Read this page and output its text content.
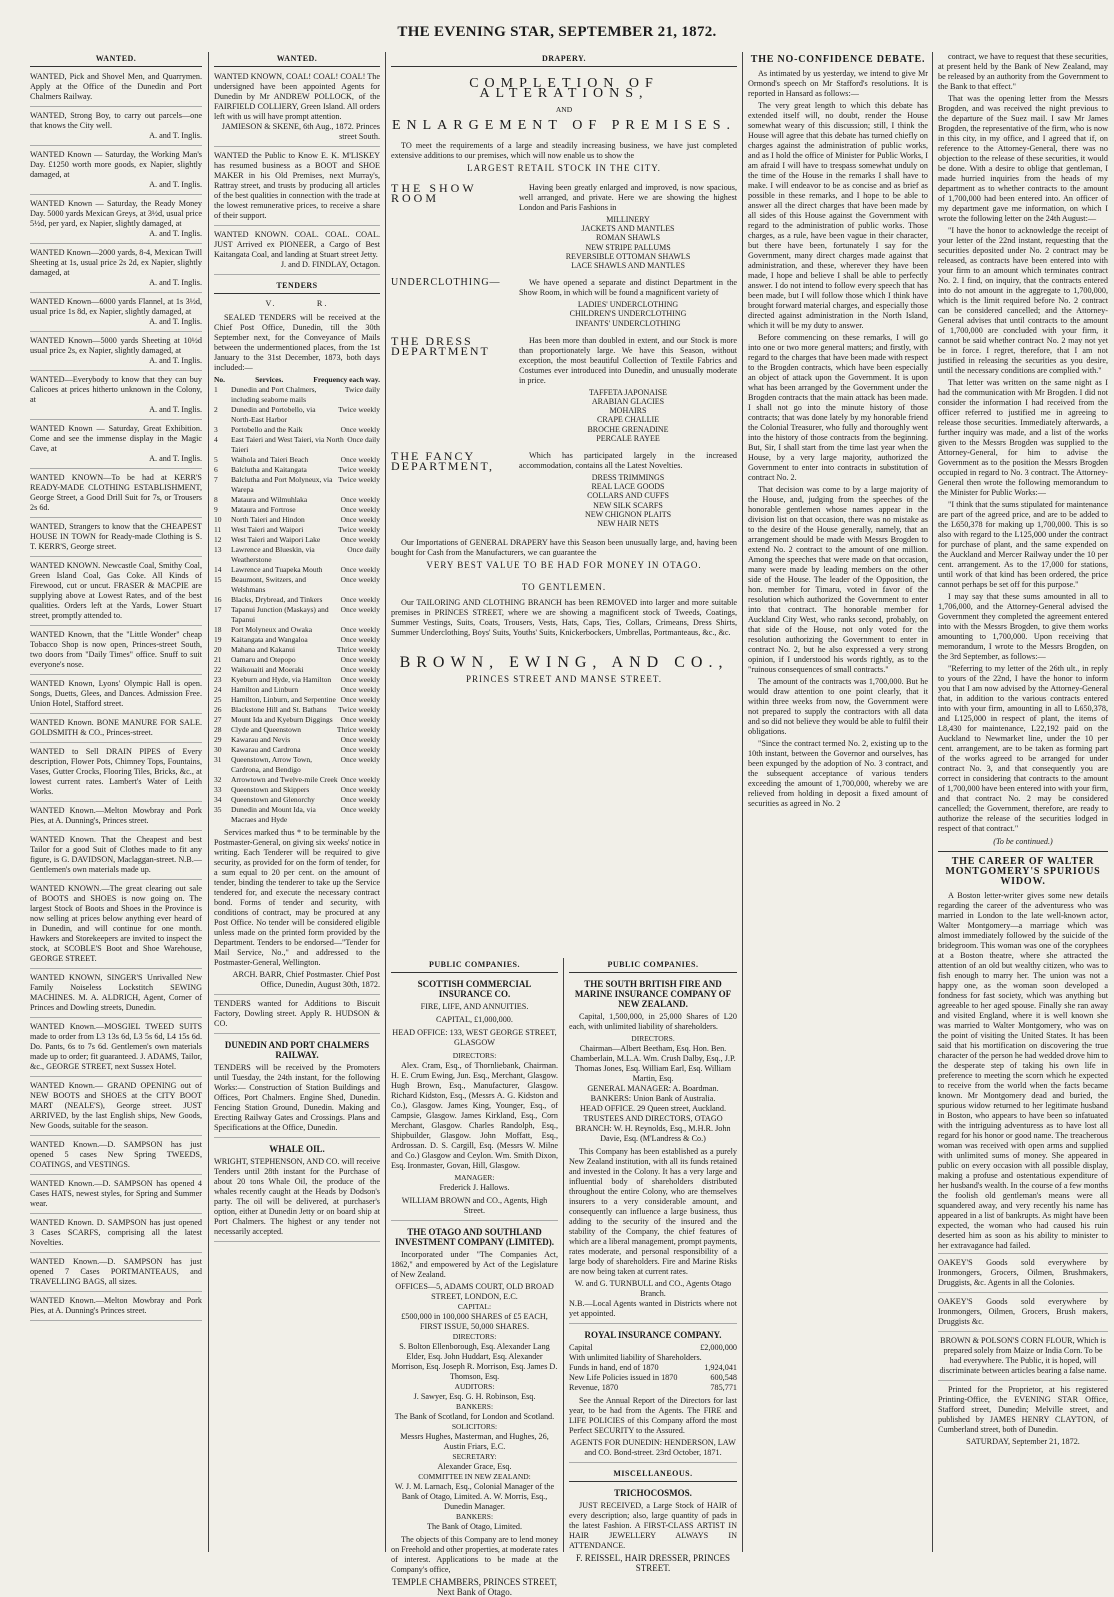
THE EVENING STAR, SEPTEMBER 21, 1872.
WANTED.
WANTED, Pick and Shovel Men, and Quarrymen. Apply at the Office of the Dunedin and Port Chalmers Railway.
WANTED, Strong Boy, to carry out parcels—one that knows the City well.
A. and T. Inglis.
WANTED Known — Saturday, the Working Man's Day. £1250 worth more goods, ex Napier, slightly damaged, at
A. and T. Inglis.
WANTED Known — Saturday, the Ready Money Day. 5000 yards Mexican Greys, at 3½d, usual price 5½d, per yard, ex Napier, slightly damaged, at
A. and T. Inglis.
WANTED Known—2000 yards, 8-4, Mexican Twill Sheeting at 1s, usual price 2s 2d, ex Napier, slightly damaged, at
A. and T. Inglis.
WANTED Known—6000 yards Flannel, at 1s 3½d, usual price 1s 8d, ex Napier, slightly damaged, at
A. and T. Inglis.
WANTED Known—5000 yards Sheeting at 10½d usual price 2s, ex Napier, slightly damaged, at
A. and T. Inglis.
WANTED—Everybody to know that they can buy Calicoes at prices hitherto unknown in the Colony, at
A. and T. Inglis.
WANTED Known — Saturday, Great Exhibition. Come and see the immense display in the Magic Cave, at
A. and T. Inglis.
WANTED KNOWN—To be had at KERR'S READY-MADE CLOTHING ESTABLISHMENT, George Street, a Good Drill Suit for 7s, or Trousers 2s 6d.
WANTED, Strangers to know that the CHEAPEST HOUSE IN TOWN for Ready-made Clothing is S. T. KERR'S, George street.
WANTED KNOWN. Newcastle Coal, Smithy Coal, Green Island Coal, Gas Coke. All Kinds of Firewood, cut or uncut. FRASER & MACPIE are supplying above at Lowest Rates, and of the best qualities. Orders left at the Yards, Lower Stuart street, promptly attended to.
WANTED Known, that the "Little Wonder" cheap Tobacco Shop is now open, Princes-street South, two doors from "Daily Times" office. Snuff to suit everyone's nose.
WANTED Known, Lyons' Olympic Hall is open. Songs, Duetts, Glees, and Dances. Admission Free. Union Hotel, Stafford street.
WANTED Known. BONE MANURE FOR SALE. GOLDSMITH & CO., Princes-street.
WANTED to Sell DRAIN PIPES of Every description, Flower Pots, Chimney Tops, Fountains, Vases, Gutter Crocks, Flooring Tiles, Bricks, &c., at lowest current rates. Lambert's Water of Leith Works.
WANTED Known.—Melton Mowbray and Pork Pies, at A. Dunning's, Princes street.
WANTED Known. That the Cheapest and best Tailor for a good Suit of Clothes made to fit any figure, is G. DAVIDSON, Maclaggan-street. N.B.—Gentlemen's own materials made up.
WANTED KNOWN.—The great clearing out sale of BOOTS and SHOES is now going on. The largest Stock of Boots and Shoes in the Province is now selling at prices below anything ever heard of in Dunedin, and will continue for one month. Hawkers and Storekeepers are invited to inspect the stock, at SCOBLE'S Boot and Shoe Warehouse, GEORGE STREET.
WANTED KNOWN, SINGER'S Unrivalled New Family Noiseless Lockstitch SEWING MACHINES. M. A. ALDRICH, Agent, Corner of Princes and Dowling streets, Dunedin.
WANTED Known.—MOSGIEL TWEED SUITS made to order from L3 13s 6d, L3 5s 6d, L4 15s 6d. Do. Pants, 6s to 7s 6d. Gentlemen's own materials made up to order; fit guaranteed. J. ADAMS, Tailor, &c., GEORGE STREET, next Sussex Hotel.
WANTED Known.— GRAND OPENING out of NEW BOOTS and SHOES at the CITY BOOT MART (NEALE'S), George street. JUST ARRIVED, by the last English ships, New Goods, New Goods, suitable for the season.
WANTED Known.—D. SAMPSON has just opened 5 cases New Spring TWEEDS, COATINGS, and VESTINGS.
WANTED Known.—D. SAMPSON has opened 4 Cases HATS, newest styles, for Spring and Summer wear.
WANTED Known. D. SAMPSON has just opened 3 Cases SCARFS, comprising all the latest Novelties.
WANTED Known.—D. SAMPSON has just opened 7 Cases PORTMANTEAUS, and TRAVELLING BAGS, all sizes.
WANTED Known.—Melton Mowbray and Pork Pies, at A. Dunning's Princes street.
WANTED.
WANTED KNOWN, COAL! COAL! COAL! The undersigned have been appointed Agents for Dunedin by Mr ANDREW POLLOCK, of the FAIRFIELD COLLIERY, Green Island. All orders left with us will have prompt attention.
JAMIESON & SKENE, 6th Aug., 1872. Princes street South.
WANTED the Public to Know E. K. M'LISKEY has resumed business as a BOOT and SHOE MAKER in his Old Premises, next Murray's, Rattray street, and trusts by producing all articles of the best qualities in connection with the trade at the lowest remunerative prices, to receive a share of their support.
WANTED KNOWN. COAL. COAL. COAL. JUST Arrived ex PIONEER, a Cargo of Best Kaitangata Coal, and landing at Stuart street Jetty.
J. and D. FINDLAY, Octagon.
TENDERS
V.          R.
SEALED TENDERS will be received at the Chief Post Office, Dunedin, till the 30th September next, for the Conveyance of Mails between the undermentioned places, from the 1st January to the 31st December, 1873, both days included:—
No.	Services.	Frequency each way.
1	Dunedin and Port Chalmers, including seaborne mails
Twice daily
2	Dunedin and Portobello, via North-East Harbor
Twice weekly
3	Portobello and the Kaik	Once weekly
4	East Taieri and West Taieri, via North Taieri
Once daily
5	Waihola and Taieri Beach	Once weekly
6	Balclutha and Kaitangata	Twice weekly
7	Balclutha and Port Molyneux, via Warepa
Twice weekly
8	Mataura and Wilmuhlaka	Once weekly
9	Mataura and Fortrose	Once weekly
10	North Taieri and Hindon	Once weekly
11	West Taieri and Waipori	Twice weekly
12	West Taieri and Waipori Lake	Once weekly
13	Lawrence and Blueskin, via Weatherstone
Once daily
14	Lawrence and Tuapeka Mouth	Once weekly
15	Beaumont, Switzers, and Welshmans
Once weekly
16	Blacks, Drybread, and Tinkers	Once weekly
17	Tapanui Junction (Maskays) and Tapanui
Once weekly
18	Port Molyneux and Owaka	Once weekly
19	Kaitangata and Wangaloa	Once weekly
20	Mahana and Kakanui	Thrice weekly
21	Oamaru and Otepopo	Once weekly
22	Waikouaiti and Moeraki	Once weekly
23	Kyeburn and Hyde, via Hamilton	Once weekly
24	Hamilton and Linburn	Once weekly
25	Hamilton, Linburn, and Serpentine Once weekly
26	Blackstone Hill and St. Bathans	Twice weekly
27	Mount Ida and Kyeburn Diggings	Once weekly
28	Clyde and Queenstown	Thrice weekly
29	Kawarau and Nevis	Once weekly
30	Kawarau and Cardrona	Once weekly
31	Queenstown, Arrow Town, Cardrona, and Bendigo
Once weekly
32	Arrowtown and Twelve-mile Creek Once weekly
33	Queenstown and Skippers	Once weekly
34	Queenstown and Glenorchy	Once weekly
35	Dunedin and Mount Ida, via Macraes and Hyde
Once weekly
Services marked thus * to be terminable by the Postmaster-General, on giving six weeks' notice in writing. Each Tenderer will be required to give security, as provided for on the form of tender, for a sum equal to 20 per cent. on the amount of tender, binding the tenderer to take up the Service tendered for, and execute the necessary contract bond. Forms of tender and security, with conditions of contract, may be procured at any Post Office. No tender will be considered eligible unless made on the printed form provided by the Department. Tenders to be endorsed—"Tender for Mail Service, No.," and addressed to the Postmaster-General, Wellington.
ARCH. BARR, Chief Postmaster. Chief Post Office, Dunedin, August 30th, 1872.
TENDERS wanted for Additions to Biscuit Factory, Dowling street. Apply R. HUDSON & CO.
DUNEDIN AND PORT CHALMERS RAILWAY.
TENDERS will be received by the Promoters until Tuesday, the 24th instant, for the following Works:— Construction of Station Buildings and Offices, Port Chalmers. Engine Shed, Dunedin. Fencing Station Ground, Dunedin. Making and Erecting Railway Gates and Crossings. Plans and Specifications at the Office, Dunedin.
WHALE OIL.
WRIGHT, STEPHENSON, AND CO. will receive Tenders until 28th instant for the Purchase of about 20 tons Whale Oil, the produce of the whales recently caught at the Heads by Dodson's party. The oil will be delivered, at purchaser's option, either at Dunedin Jetty or on board ship at Port Chalmers. The highest or any tender not necessarily accepted.
DRAPERY.
COMPLETION OF ALTERATIONS,
AND
ENLARGEMENT OF PREMISES.
TO meet the requirements of a large and steadily increasing business, we have just completed extensive additions to our premises, which will now enable us to show the
LARGEST RETAIL STOCK IN THE CITY.
THE SHOW ROOM
Having been greatly enlarged and improved, is now spacious, well arranged, and private. Here we are showing the highest London and Paris Fashions in
MILLINERY
JACKETS AND MANTLES
ROMAN SHAWLS
NEW STRIPE PALLUMS
REVERSIBLE OTTOMAN SHAWLS
LACE SHAWLS AND MANTLES
UNDERCLOTHING—	We have opened a separate and distinct Department in the Show Room, in which will be found a magnificent variety of
LADIES' UNDERCLOTHING
CHILDREN'S UNDERCLOTHING
INFANTS' UNDERCLOTHING
THE DRESS DEPARTMENT
Has been more than doubled in extent, and our Stock is more than proportionately large. We have this Season, without exception, the most beautiful Collection of Textile Fabrics and Costumes ever introduced into Dunedin, and unusually moderate in price.
TAFFETA JAPONAISE
ARABIAN GLACIES
MOHAIRS
CRAPE CHALLIE
BROCHE GRENADINE
PERCALE RAYEE
THE FANCY DEPARTMENT,
Which has participated largely in the increased accommodation, contains all the Latest Novelties.
DRESS TRIMMINGS
REAL LACE GOODS
COLLARS AND CUFFS
NEW SILK SCARFS
NEW CHIGNON PLAITS
NEW HAIR NETS
Our Importations of GENERAL DRAPERY have this Season been unusually large, and, having been bought for Cash from the Manufacturers, we can guarantee the
VERY BEST VALUE TO BE HAD FOR MONEY IN OTAGO.
TO GENTLEMEN.
Our TAILORING AND CLOTHING BRANCH has been REMOVED into larger and more suitable premises in PRINCES STREET, where we are showing a magnificent stock of Tweeds, Coatings, Summer Vestings, Suits, Coats, Trousers, Vests, Hats, Caps, Ties, Collars, Crimeans, Dress Shirts, Summer Underclothing, Boys' Suits, Youths' Suits, Knickerbockers, Umbrellas, Portmanteaus, &c., &c.
BROWN, EWING, AND CO.,
PRINCES STREET AND MANSE STREET.
PUBLIC COMPANIES.
SCOTTISH COMMERCIAL INSURANCE CO.
FIRE, LIFE, AND ANNUITIES.
CAPITAL, £1,000,000.
HEAD OFFICE: 133, WEST GEORGE STREET, GLASGOW
DIRECTORS:
Alex. Cram, Esq., of Thornliebank, Chairman. H. E. Crum Ewing, Jun. Esq., Merchant, Glasgow. Hugh Brown, Esq., Manufacturer, Glasgow. Richard Kidston, Esq., (Messrs A. G. Kidston and Co.), Glasgow. James King, Younger, Esq., of Campsie, Glasgow. James Kirkland, Esq., Corn Merchant, Glasgow. Charles Randolph, Esq., Shipbuilder, Glasgow. John Moffatt, Esq., Ardrossan. D. S. Cargill, Esq. (Messrs W. Milne and Co.) Glasgow and Ceylon. Wm. Smith Dixon, Esq. Ironmaster, Govan, Hill, Glasgow.
MANAGER:
Frederick J. Hallows.
WILLIAM BROWN and CO., Agents, High Street.
THE OTAGO AND SOUTHLAND INVESTMENT COMPANY (LIMITED).
Incorporated under "The Companies Act, 1862," and empowered by Act of the Legislature of New Zealand.
OFFICES—5, ADAMS COURT, OLD BROAD STREET, LONDON, E.C.
CAPITAL:
£500,000 in 100,000 SHARES of £5 EACH, FIRST ISSUE, 50,000 SHARES.
DIRECTORS:
S. Bolton Ellenborough, Esq. Alexander Lang Elder, Esq. John Huddart, Esq. Alexander Morrison, Esq. Joseph R. Morrison, Esq. James D. Thomson, Esq.
AUDITORS:
J. Sawyer, Esq. G. H. Robinson, Esq.
BANKERS:
The Bank of Scotland, for London and Scotland.
SOLICITORS:
Messrs Hughes, Masterman, and Hughes, 26, Austin Friars, E.C.
SECRETARY:
Alexander Grace, Esq.
COMMITTEE IN NEW ZEALAND:
W. J. M. Larnach, Esq., Colonial Manager of the Bank of Otago, Limited. A. W. Morris, Esq., Dunedin Manager.
BANKERS:
The Bank of Otago, Limited.
The objects of this Company are to lend money on Freehold and other properties, at moderate rates of interest. Applications to be made at the Company's office,
TEMPLE CHAMBERS, PRINCES STREET, Next Bank of Otago.
PUBLIC COMPANIES.
THE SOUTH BRITISH FIRE AND MARINE INSURANCE COMPANY OF NEW ZEALAND.
Capital, 1,500,000, in 25,000 Shares of L20 each, with unlimited liability of shareholders.
DIRECTORS.
Chairman—Albert Beetham, Esq. Hon. Ben. Chamberlain, M.L.A. Wm. Crush Dalby, Esq., J.P. Thomas Jones, Esq. William Earl, Esq. William Martin, Esq.
GENERAL MANAGER: A. Boardman.
BANKERS: Union Bank of Australia.
HEAD OFFICE. 29 Queen street, Auckland.
TRUSTEES AND DIRECTORS, OTAGO BRANCH: W. H. Reynolds, Esq., M.H.R. John Davie, Esq. (M'Landress & Co.)
This Company has been established as a purely New Zealand institution, with all its funds retained and invested in the Colony. It has a very large and influential body of shareholders distributed throughout the entire Colony, who are themselves insurers to a very considerable amount, and consequently can influence a large business, thus adding to the security of the insured and the stability of the Company, the chief features of which are a liberal management, prompt payments, rates moderate, and personal responsibility of a large body of shareholders. Fire and Marine Risks are now being taken at current rates.
W. and G. TURNBULL and CO., Agents Otago Branch.
N.B.—Local Agents wanted in Districts where not yet appointed.
ROYAL INSURANCE COMPANY.
Capital	£2,000,000
With unlimited liability of Shareholders.
Funds in hand, end of 1870	1,924,041
New Life Policies issued in 1870	600,548
Revenue, 1870	785,771
See the Annual Report of the Directors for last year, to be had from the Agents. The FIRE and LIFE POLICIES of this Company afford the most Perfect SECURITY to the Assured.
AGENTS FOR DUNEDIN: HENDERSON, LAW and CO. Bond-street. 23rd October, 1871.
MISCELLANEOUS.
TRICHOCOSMOS.
JUST RECEIVED, a Large Stock of HAIR of every description; also, large quantity of pads in the latest Fashion. A FIRST-CLASS ARTIST IN HAIR JEWELLERY ALWAYS IN ATTENDANCE.
F. REISSEL, HAIR DRESSER, PRINCES STREET.
THE NO-CONFIDENCE DEBATE.
As intimated by us yesterday, we intend to give Mr Ormond's speech on Mr Stafford's resolutions. It is reported in Hansard as follows:—
The very great length to which this debate has extended itself will, no doubt, render the House somewhat weary of this discussion; still, I think the House will agree that this debate has turned chiefly on charges against the administration of public works, and as I hold the office of Minister for Public Works, I am afraid I will have to trespass somewhat unduly on the time of the House in the remarks I shall have to make. I will endeavor to be as concise and as brief as possible in these remarks, and I hope to be able to answer all the direct charges that have been made by all sides of this House against the Government with regard to the administration of public works. Those charges, as a rule, have been vague in their character, but there have been, fortunately I say for the Government, many direct charges made against that administration, and these, wherever they have been made, I hope and believe I shall be able to perfectly answer. I do not intend to follow every speech that has been made, but I will follow those which I think have brought forward material charges, and especially those directed against administration in the North Island, which it will be my duty to answer.
Before commencing on these remarks, I will go into one or two more general matters; and firstly, with regard to the charges that have been made with respect to the Brogden contracts, which have been especially an object of attack upon the Government. It is upon what has been arranged by the Government under the Brogden contracts that the main attack has been made. I shall not go into the minute history of those contracts; that was done lately by my honorable friend the Colonial Treasurer, who fully and thoroughly went into the history of those contracts from the beginning. But, Sir, I shall start from the time last year when the House, by a very large majority, authorized the Government to enter into contracts in substitution of contract No. 2.
That decision was come to by a large majority of the House, and, judging from the speeches of the honorable gentlemen whose names appear in the division list on that occasion, there was no mistake as to the desire of the House generally, namely, that an arrangement should be made with Messrs Brogden to extend No. 2 contract to the amount of one million. Among the speeches that were made on that occasion, many were made by leading members on the other side of the House. The leader of the Opposition, the hon. member for Timaru, voted in favor of the resolution which authorized the Government to enter into that contract. The honorable member for Auckland City West, who ranks second, probably, on that side of the House, not only voted for the resolution authorizing the Government to enter in contract No. 2, but he also expressed a very strong opinion, if I understood his words rightly, as to the "ruinous consequences of small contracts."
The amount of the contracts was 1,700,000. But he would draw attention to one point clearly, that it within three weeks from now, the Government were not prepared to supply the contractors with all data and so did not believe they would be able to fulfil their obligations.
"Since the contract termed No. 2, existing up to the 10th instant, between the Governor and ourselves, has been expunged by the adoption of No. 3 contract, and the subsequent acceptance of various tenders exceeding the amount of 1,700,000, whereby we are relieved from holding in deposit a fixed amount of securities as agreed in No. 2
contract, we have to request that these securities, at present held by the Bank of New Zealand, may be released by an authority from the Government to the Bank to that effect."
That was the opening letter from the Messrs Brogden, and was received the night previous to the departure of the Suez mail. I saw Mr James Brogden, the representative of the firm, who is now in this city, in my office, and I agreed that if, on reference to the Attorney-General, there was no objection to the release of these securities, it would be done. With a desire to oblige that gentleman, I made hurried inquiries from the heads of my department as to whether contracts to the amount of 1,700,000 had been entered into. An officer of my department gave me information, on which I wrote the following letter on the 24th August:—
"I have the honor to acknowledge the receipt of your letter of the 22nd instant, requesting that the securities deposited under No. 2 contract may be released, as contracts have been entered into with your firm to an amount which terminates contract No. 2. I find, on inquiry, that the contracts entered into do not amount in the aggregate to 1,700,000, which is the limit required before No. 2 contract can be considered cancelled; and the Attorney-General advises that until contracts to the amount of 1,700,000 are concluded with your firm, it cannot be said whether contract No. 2 may not yet be in force. I regret, therefore, that I am not justified in releasing the securities as you desire, until the necessary conditions are complied with."
That letter was written on the same night as I had the communication with Mr Brogden. I did not consider the information I had received from the officer referred to justified me in agreeing to release those securities. Immediately afterwards, a further inquiry was made, and a list of the works given to the Messrs Brogden was supplied to the Attorney-General, for him to advise the Government as to the position the Messrs Brogden occupied in regard to No. 3 contract. The Attorney-General then wrote the following memorandum to the Minister for Public Works:—
"I think that the sums stipulated for maintenance are part of the agreed price, and are to be added to the L650,378 for making up 1,700,000. This is so also with regard to the L125,000 under the contract for purchase of plant, and the same expended on the Auckland and Mercer Railway under the 10 per cent. arrangement. As to the 17,000 for stations, until work of that kind has been ordered, the price cannot perhaps be set off for this purpose."
I may say that these sums amounted in all to 1,706,000, and the Attorney-General advised the Government they completed the agreement entered into with the Messrs Brogden, to give them works amounting to 1,700,000. Upon receiving that memorandum, I wrote to the Messrs Brogden, on the 3rd September, as follows:—
"Referring to my letter of the 26th ult., in reply to yours of the 22nd, I have the honor to inform you that I am now advised by the Attorney-General that, in addition to the various contracts entered into with your firm, amounting in all to L650,378, and L125,000 in respect of plant, the items of L8,430 for maintenance, L22,192 paid on the Auckland to Newmarket line, under the 10 per cent. arrangement, are to be taken as forming part of the works agreed to be arranged for under contract No. 3, and that consequently you are correct in considering that contracts to the amount of 1,700,000 have been entered into with your firm, and that contract No. 2 may be considered cancelled; the Government, therefore, are ready to authorize the release of the securities lodged in respect of that contract."
(To be continued.)
THE CAREER OF WALTER MONTGOMERY'S SPURIOUS WIDOW.
A Boston letter-writer gives some new details regarding the career of the adventuress who was married in London to the late well-known actor, Walter Montgomery—a marriage which was almost immediately followed by the suicide of the bridegroom. This woman was one of the coryphees at a Boston theatre, where she attracted the attention of an old but wealthy citizen, who was to fish enough to marry her. The union was not a happy one, as the woman soon developed a fondness for fast society, which was anything but agreeable to her aged spouse. Finally she ran away and visited England, where it is well known she was married to Walter Montgomery, who was on the point of visiting the United States. It has been said that his mortification on discovering the true character of the person he had wedded drove him to the desperate step of taking his own life in preference to meeting the scorn which he expected to receive from the world when the facts became known. Mr Montgomery dead and buried, the spurious widow returned to her legitimate husband in Boston, who appears to have been so infatuated with the intriguing adventuress as to have lost all regard for his honor or good name. The treacherous woman was received with open arms and supplied with unlimited sums of money. She appeared in public on every occasion with all possible display, making a profuse and ostentatious expenditure of her husband's wealth. In the course of a few months the foolish old gentleman's means were all squandered away, and very recently his name has appeared in a list of bankrupts. As might have been expected, the woman who had caused his ruin deserted him as soon as his ability to minister to her extravagance had failed.
OAKEY'S Goods sold everywhere by Ironmongers, Grocers, Oilmen, Brushmakers, Druggists, &c. Agents in all the Colonies.
OAKEY'S Goods sold everywhere by Ironmongers, Oilmen, Grocers, Brush makers, Druggists &c.
BROWN & POLSON'S CORN FLOUR, Which is prepared solely from Maize or India Corn. To be had everywhere. The Public, it is hoped, will discriminate between articles bearing a false name.
Printed for the Proprietor, at his registered Printing-Office, the EVENING STAR Office, Stafford street, Dunedin; Melville street, and published by JAMES HENRY CLAYTON, of Cumberland street, both of Dunedin.
SATURDAY, September 21, 1872.
